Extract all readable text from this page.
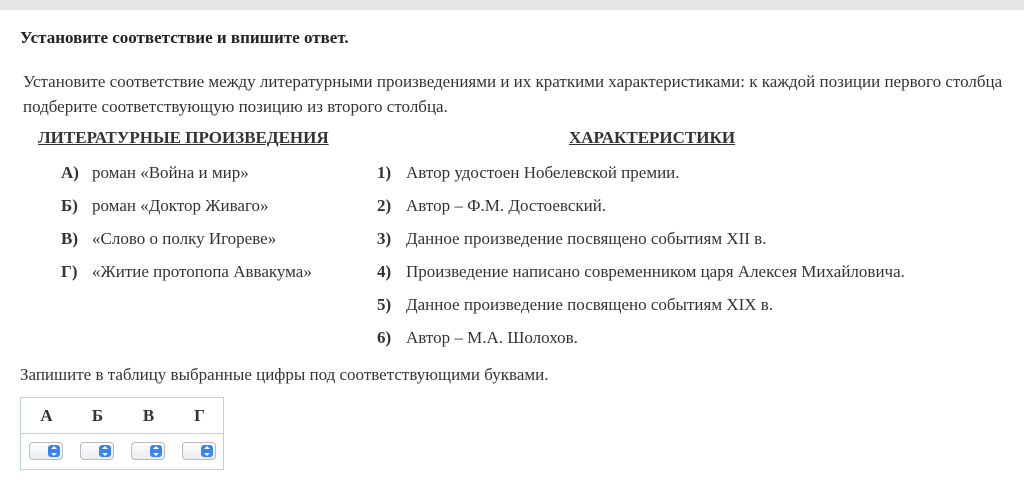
Установите соответствие и впишите ответ.
Установите соответствие между литературными произведениями и их краткими характеристиками: к каждой позиции первого столбца подберите соответствующую позицию из второго столбца.
ЛИТЕРАТУРНЫЕ ПРОИЗВЕДЕНИЯ	ХАРАКТЕРИСТИКИ
А) роман «Война и мир»
Б) роман «Доктор Живаго»
В) «Слово о полку Игореве»
Г) «Житие протопопа Аввакума»
1) Автор удостоен Нобелевской премии.
2) Автор – Ф.М. Достоевский.
3) Данное произведение посвящено событиям XII в.
4) Произведение написано современником царя Алексея Михайловича.
5) Данное произведение посвящено событиям XIX в.
6) Автор – М.А. Шолохов.
Запишите в таблицу выбранные цифры под соответствующими буквами.
А	Б	В	Г
